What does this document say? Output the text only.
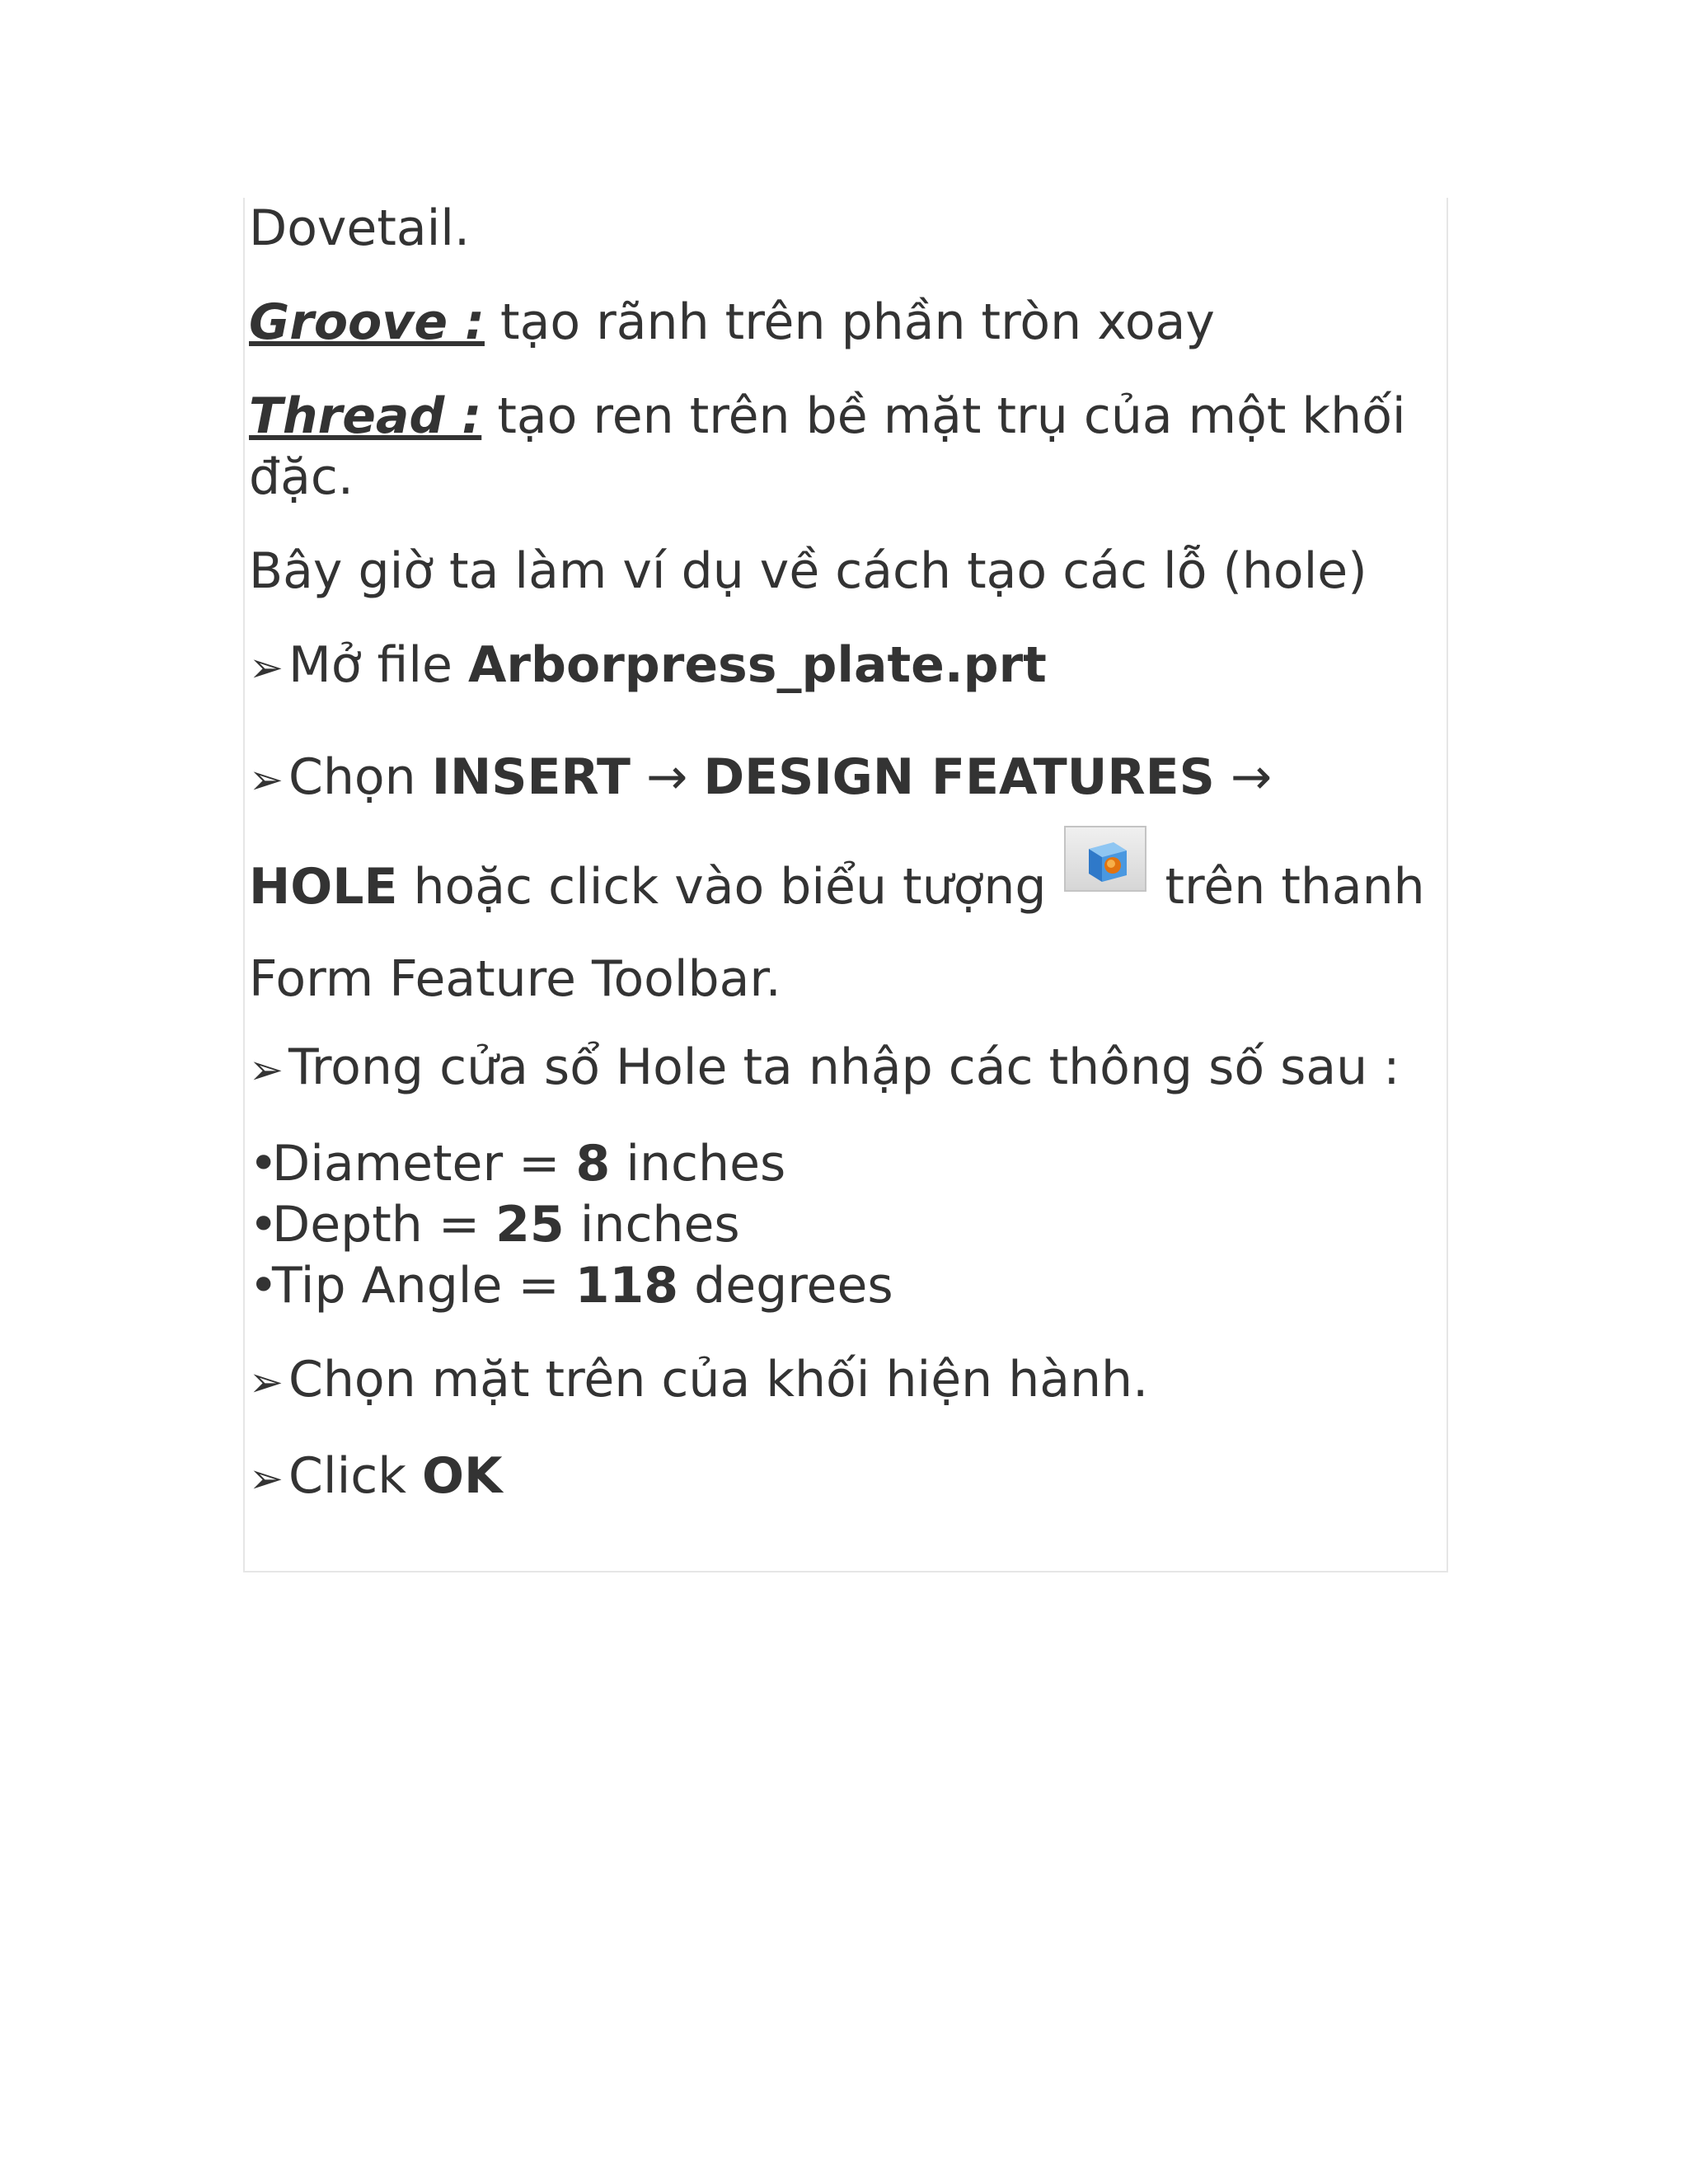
Dovetail.

Groove : tạo rãnh trên phần tròn xoay

Thread : tạo ren trên bề mặt trụ của một khối đặc.

Bây giờ ta làm ví dụ về cách tạo các lỗ (hole)

➢ Mở file Arborpress_plate.prt

➢ Chọn INSERT → DESIGN FEATURES →
HOLE hoặc click vào biểu tượng trên thanh Form Feature Toolbar.

➢ Trong cửa sổ Hole ta nhập các thông số sau :

•Diameter = 8 inches
•Depth = 25 inches
•Tip Angle = 118 degrees

➢ Chọn mặt trên của khối hiện hành.

➢ Click OK
